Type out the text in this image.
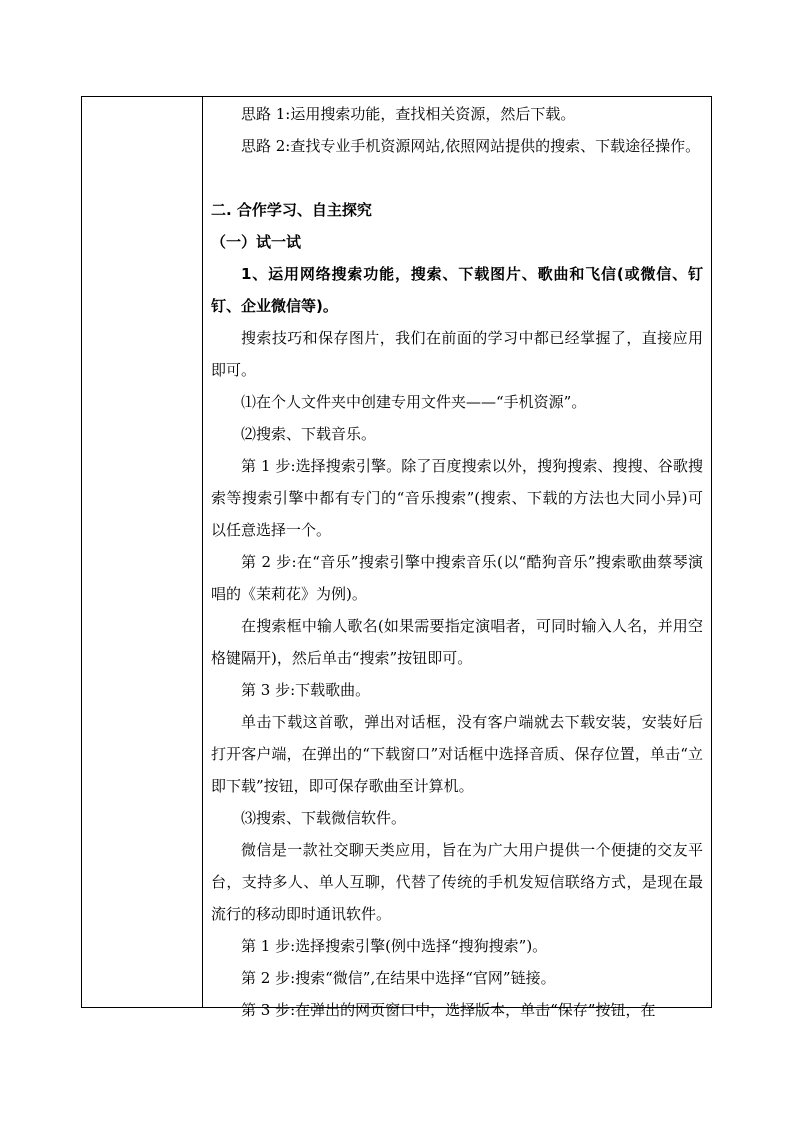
思路 1:运用搜索功能，查找相关资源，然后下载。
思路 2:查找专业手机资源网站,依照网站提供的搜索、下载途径操作。
二. 合作学习、自主探究
（一）试一试
1、运用网络搜索功能，搜索、下载图片、歌曲和飞信(或微信、钉钉、企业微信等)。
搜索技巧和保存图片，我们在前面的学习中都已经掌握了，直接应用即可。
⑴在个人文件夹中创建专用文件夹——“手机资源”。
⑵搜索、下载音乐。
第 1 步:选择搜索引擎。除了百度搜索以外，搜狗搜索、搜搜、谷歌搜索等搜索引擎中都有专门的“音乐搜索”(搜索、下载的方法也大同小异)可以任意选择一个。
第 2 步:在“音乐”搜索引擎中搜索音乐(以“酷狗音乐”搜索歌曲蔡琴演唱的《茉莉花》为例)。
在搜索框中输人歌名(如果需要指定演唱者，可同时输入人名，并用空格键隔开)，然后单击“搜索”按钮即可。
第 3 步:下载歌曲。
单击下载这首歌，弹出对话框，没有客户端就去下载安装，安装好后打开客户端，在弹出的“下载窗口”对话框中选择音质、保存位置，单击“立即下载”按钮，即可保存歌曲至计算机。
⑶搜索、下载微信软件。
微信是一款社交聊天类应用，旨在为广大用户提供一个便捷的交友平台，支持多人、单人互聊，代替了传统的手机发短信联络方式，是现在最流行的移动即时通讯软件。
第 1 步:选择搜索引擎(例中选择“搜狗搜索”)。
第 2 步:搜索“微信”,在结果中选择“官网”链接。
第 3 步:在弹出的网页窗口中，选择版本，单击“保存”按钮，在
